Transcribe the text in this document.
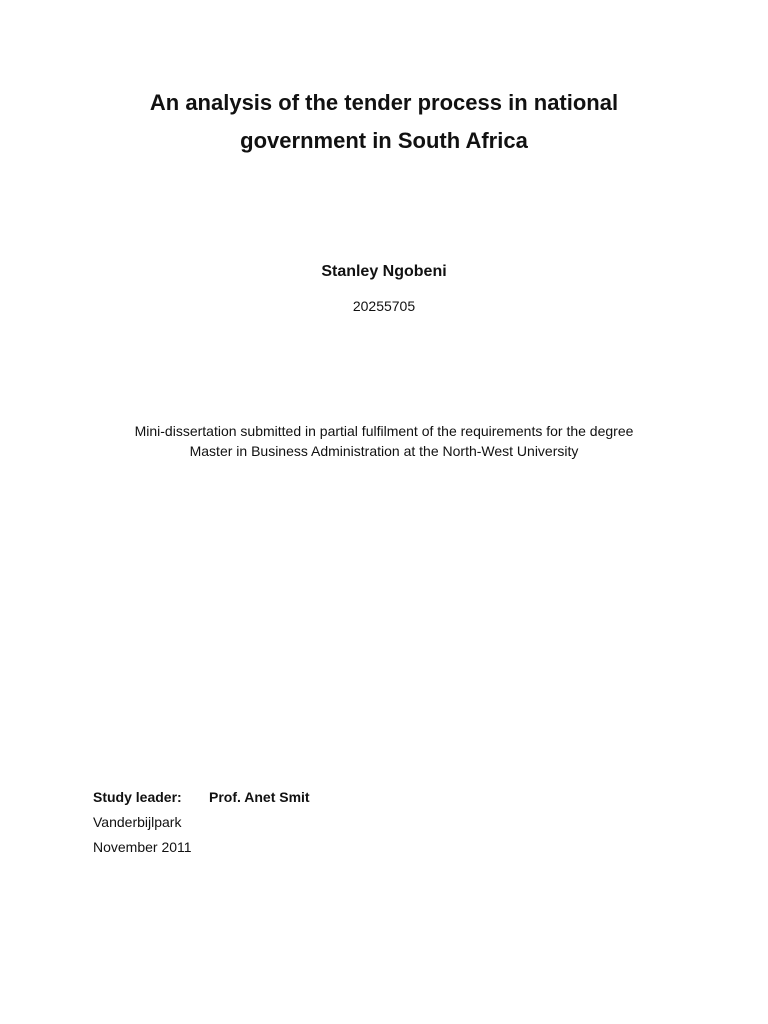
An analysis of the tender process in national
government in South Africa
Stanley Ngobeni
20255705
Mini-dissertation submitted in partial fulfilment of the requirements for the degree
Master in Business Administration at the North-West University
Study leader: Prof. Anet Smit
Vanderbijlpark
November 2011
